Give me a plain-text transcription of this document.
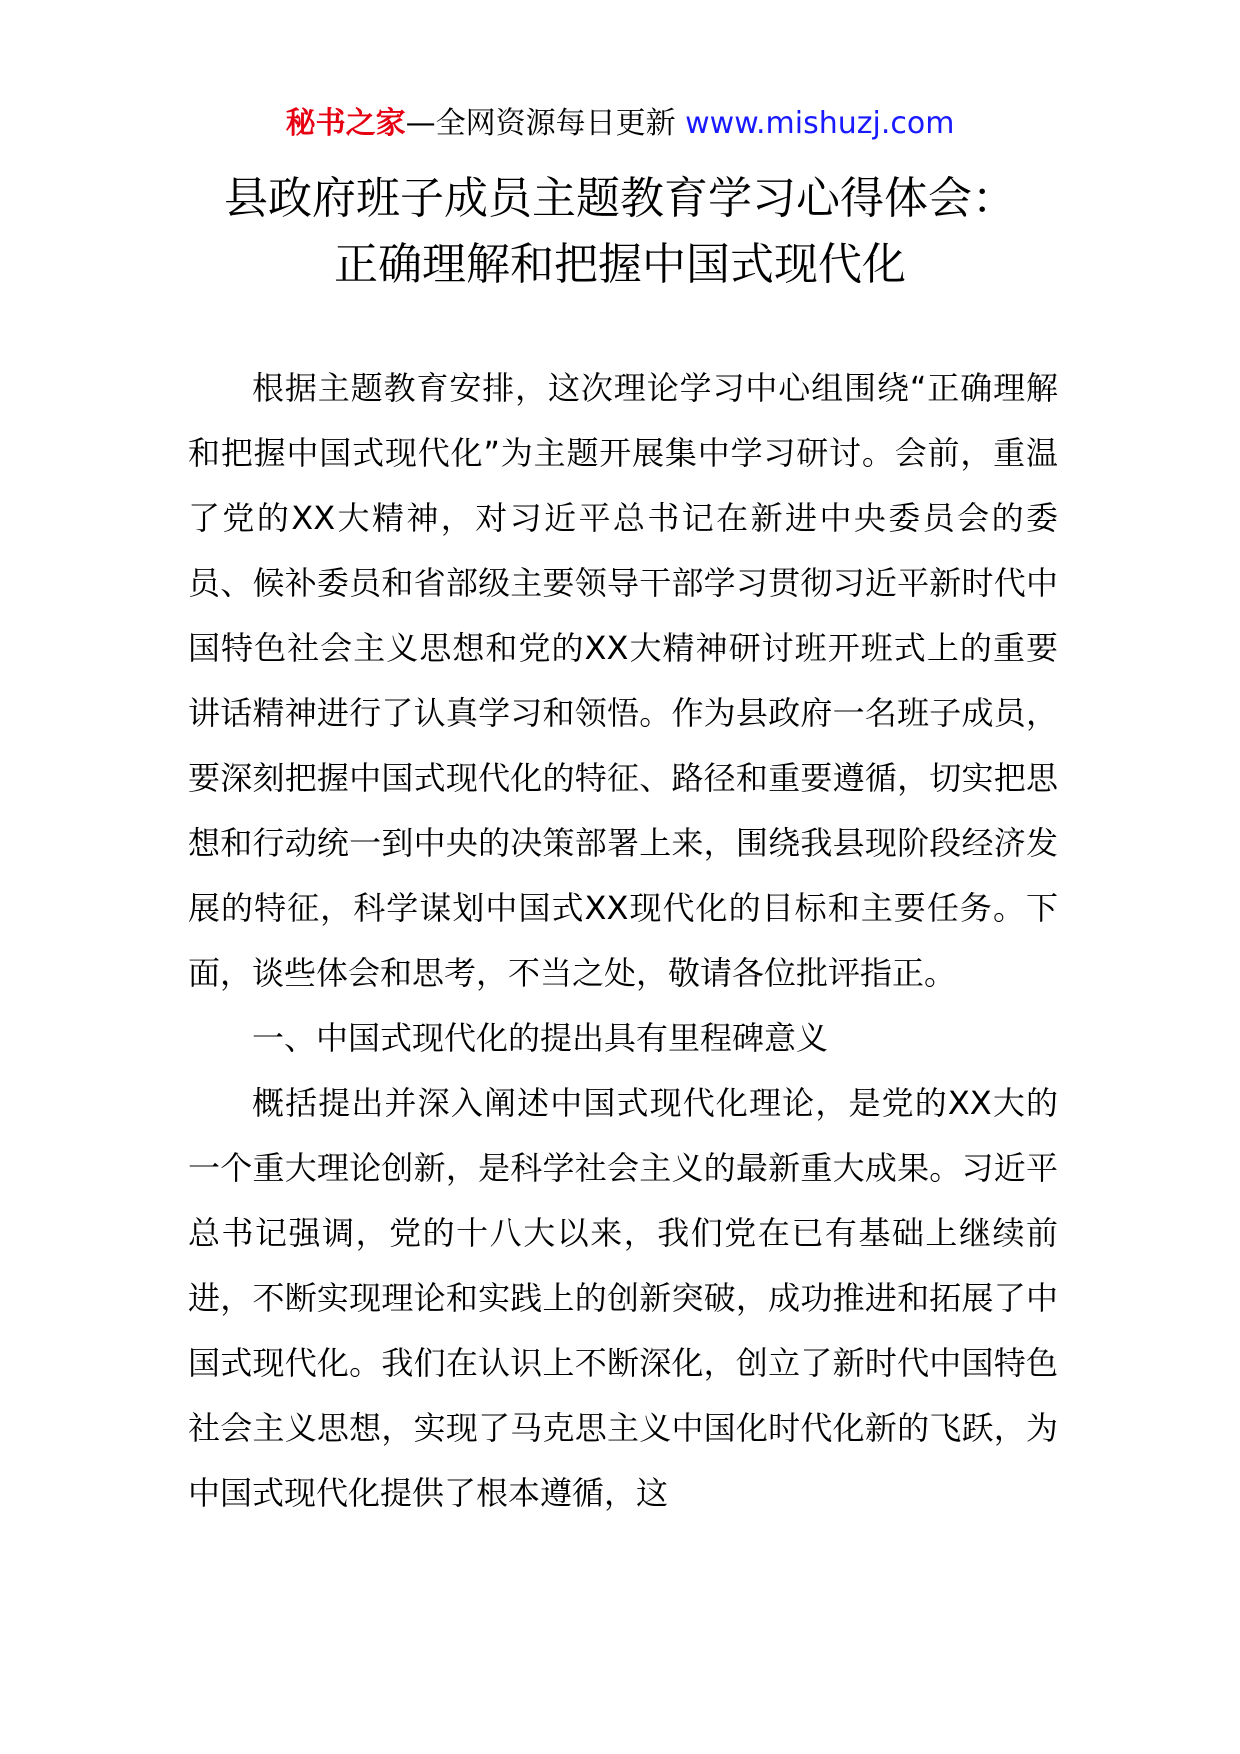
秘书之家—全网资源每日更新 www.mishuzj.com
县政府班子成员主题教育学习心得体会：
正确理解和把握中国式现代化

根据主题教育安排，这次理论学习中心组围绕“正确理解和把握中国式现代化”为主题开展集中学习研讨。会前，重温了党的XX大精神，对习近平总书记在新进中央委员会的委员、候补委员和省部级主要领导干部学习贯彻习近平新时代中国特色社会主义思想和党的XX大精神研讨班开班式上的重要讲话精神进行了认真学习和领悟。作为县政府一名班子成员，要深刻把握中国式现代化的特征、路径和重要遵循，切实把思想和行动统一到中央的决策部署上来，围绕我县现阶段经济发展的特征，科学谋划中国式XX现代化的目标和主要任务。下面，谈些体会和思考，不当之处，敬请各位批评指正。

一、中国式现代化的提出具有里程碑意义

概括提出并深入阐述中国式现代化理论，是党的XX大的一个重大理论创新，是科学社会主义的最新重大成果。习近平总书记强调，党的十八大以来，我们党在已有基础上继续前进，不断实现理论和实践上的创新突破，成功推进和拓展了中国式现代化。我们在认识上不断深化，创立了新时代中国特色社会主义思想，实现了马克思主义中国化时代化新的飞跃，为中国式现代化提供了根本遵循，这
